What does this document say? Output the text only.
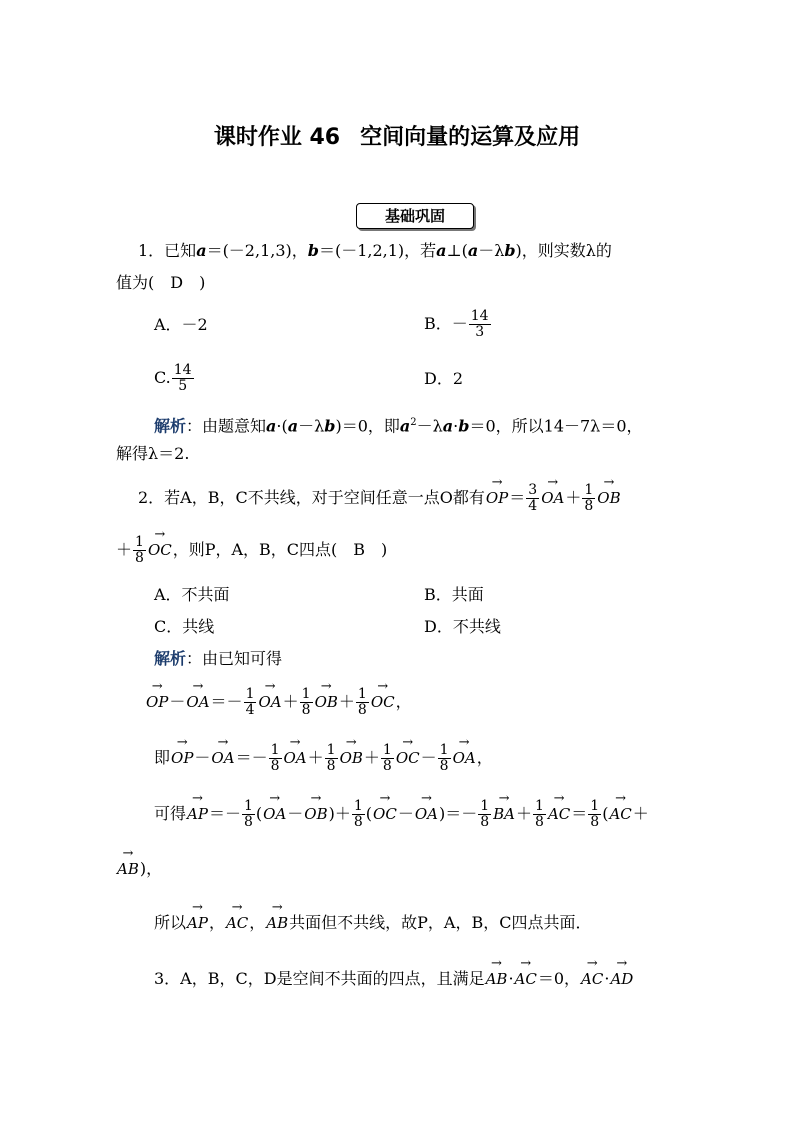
课时作业 46 空间向量的运算及应用
基础巩固
1．已知a＝(－2,1,3)，b＝(－1,2,1)，若a⊥(a－λb)，则实数λ的
值为(　D　)
A．－2	B．－ $\frac{14}{3}$
C. $\frac{14}{5}$	D．2
解析：由题意知a·(a－λb)＝0，即$a^2-\lambda a\cdot b=0$，所以14－7λ＝0，
解得λ＝2.
2．若A，B，C不共线，对于空间任意一点O都有→ $OP= \frac{3}{4}$
→ $OA+ \frac{1}{8}$
→ OB
＋ $\frac{1}{8}$
→ OC，则P，A，B，C四点(　B　)
A．不共面	B．共面
C．共线	D．不共线
解析：由已知可得
→ $OP-\to OA=- \frac{1}{4}$
→ $OA+ \frac{1}{8}$
→ $OB+ \frac{1}{8}$
→ OC，
即→ $OP-\to OA=- \frac{1}{8}$
→ $OA+ \frac{1}{8}$
→ $OB+ \frac{1}{8}$
→ $OC- \frac{1}{8}$
→ OA，
可得→ $AP=- \frac{1}{8}$ (→ $OA-\to OB)+ \frac{1}{8}$ (→ $OC-\to OA)=- \frac{1}{8}$
→ $BA+ \frac{1}{8}$
→ $AC= \frac{1}{8}$ (→ AC＋
→ AB)，
所以→ AP，→ AC，→ AB共面但不共线，故P，A，B，C四点共面．
3．A，B，C，D是空间不共面的四点，且满足→ AB·→ AC＝0，→ AC·→ AD
